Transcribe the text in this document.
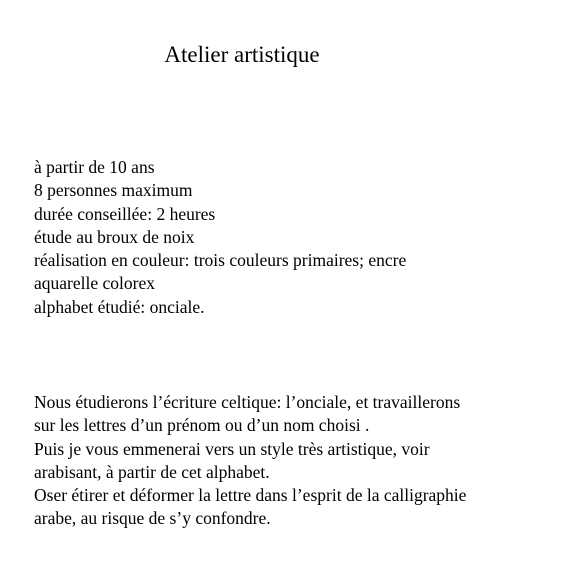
Atelier artistique
à partir de 10 ans
8 personnes maximum
durée conseillée: 2 heures
étude au broux de noix
réalisation en couleur: trois couleurs primaires; encre
aquarelle colorex
alphabet étudié: onciale.
Nous étudierons l’écriture celtique: l’onciale, et travaillerons
sur les lettres d’un prénom ou d’un nom choisi .
Puis je vous emmenerai vers un style très artistique, voir
arabisant, à partir de cet alphabet.
Oser étirer et déformer la lettre dans l’esprit de la calligraphie
arabe, au risque de s’y confondre.
